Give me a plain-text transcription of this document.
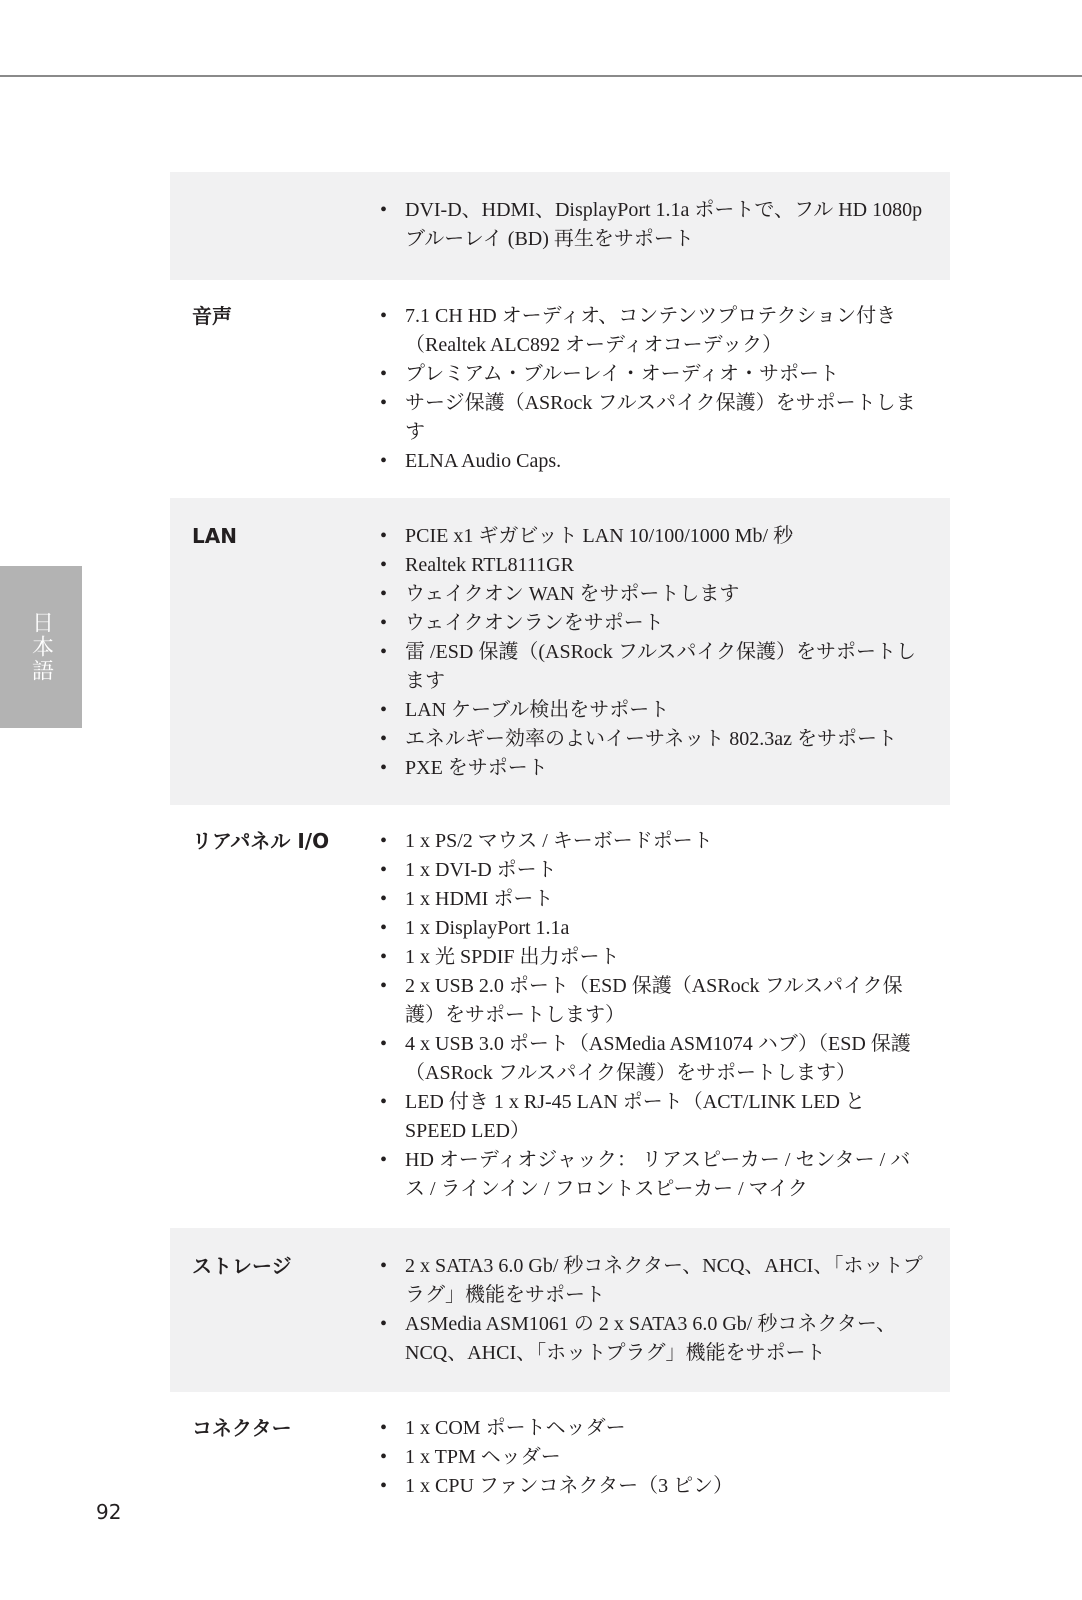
日本語
• DVI-D、HDMI、DisplayPort 1.1a ポートで、フル HD 1080p ブルーレイ (BD) 再生をサポート
音声	• 7.1 CH HD オーディオ、コンテンツプロテクション付き（Realtek ALC892 オーディオコーデック）
• プレミアム・ブルーレイ・オーディオ・サポート
• サージ保護（ASRock フルスパイク保護）をサポートします
• ELNA Audio Caps.
LAN	• PCIE x1 ギガビット LAN 10/100/1000 Mb/ 秒
• Realtek RTL8111GR
• ウェイクオン WAN をサポートします
• ウェイクオンランをサポート
• 雷 /ESD 保護（(ASRock フルスパイク保護）をサポートします
• LAN ケーブル検出をサポート
• エネルギー効率のよいイーサネット 802.3az をサポート
• PXE をサポート
リアパネル I/O	• 1 x PS/2 マウス / キーボードポート
• 1 x DVI-D ポート
• 1 x HDMI ポート
• 1 x DisplayPort 1.1a
• 1 x 光 SPDIF 出力ポート
• 2 x USB 2.0 ポート（ESD 保護（ASRock フルスパイク保護）をサポートします）
• 4 x USB 3.0 ポート（ASMedia ASM1074 ハブ）（ESD 保護（ASRock フルスパイク保護）をサポートします）
• LED 付き 1 x RJ-45 LAN ポート（ACT/LINK LED と SPEED LED）
• HD オーディオジャック： リアスピーカー / センター / バス / ラインイン / フロントスピーカー / マイク
ストレージ	• 2 x SATA3 6.0 Gb/ 秒コネクター、NCQ、AHCI、「ホットプラグ」機能をサポート
• ASMedia ASM1061 の 2 x SATA3 6.0 Gb/ 秒コネクター、NCQ、AHCI、「ホットプラグ」機能をサポート
コネクター	• 1 x COM ポートヘッダー
• 1 x TPM ヘッダー
• 1 x CPU ファンコネクター（3 ピン）
92
